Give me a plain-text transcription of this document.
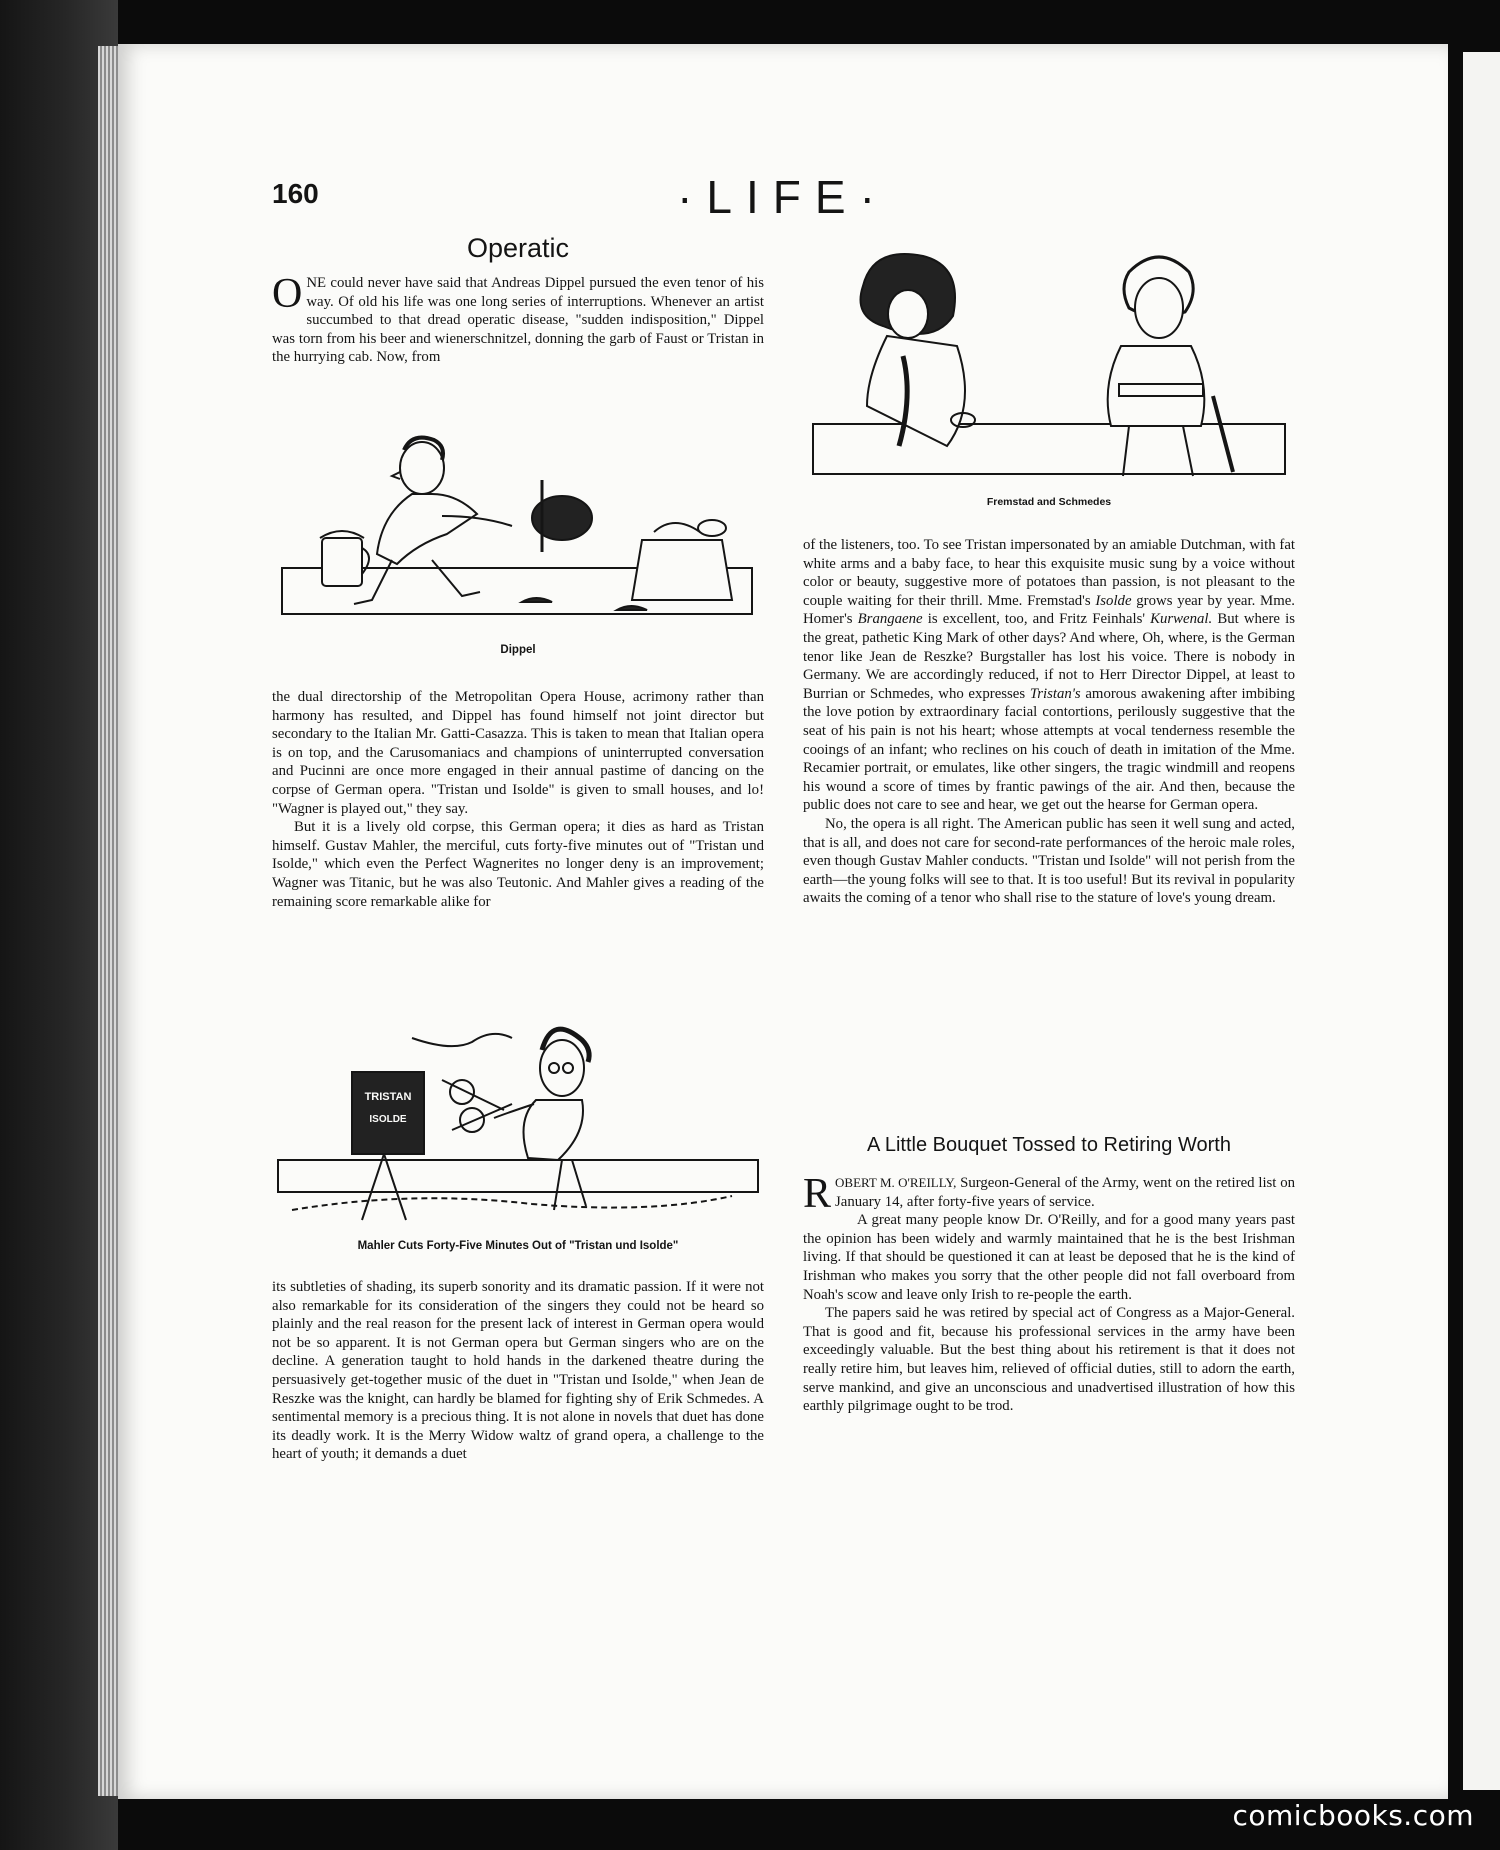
160	·LIFE·
Operatic

ONE could never have said that Andreas Dippel pursued the even tenor of his way. Of old his life was one long series of interruptions. Whenever an artist succumbed to that dread operatic disease, "sudden indisposition," Dippel was torn from his beer and wienerschnitzel, donning the garb of Faust or Tristan in the hurrying cab. Now, from

Dippel

the dual directorship of the Metropolitan Opera House, acrimony rather than harmony has resulted, and Dippel has found himself not joint director but secondary to the Italian Mr. Gatti-Casazza. This is taken to mean that Italian opera is on top, and the Carusomaniacs and champions of uninterrupted conversation and Pucinni are once more engaged in their annual pastime of dancing on the corpse of German opera. "Tristan und Isolde" is given to small houses, and lo! "Wagner is played out," they say.

But it is a lively old corpse, this German opera; it dies as hard as Tristan himself. Gustav Mahler, the merciful, cuts forty-five minutes out of "Tristan und Isolde," which even the Perfect Wagnerites no longer deny is an improvement; Wagner was Titanic, but he was also Teutonic. And Mahler gives a reading of the remaining score remarkable alike for

TRISTAN
ISOLDE
Mahler Cuts Forty-Five Minutes Out of "Tristan und Isolde"

its subtleties of shading, its superb sonority and its dramatic passion. If it were not also remarkable for its consideration of the singers they could not be heard so plainly and the real reason for the present lack of interest in German opera would not be so apparent. It is not German opera but German singers who are on the decline. A generation taught to hold hands in the darkened theatre during the persuasively get-together music of the duet in "Tristan und Isolde," when Jean de Reszke was the knight, can hardly be blamed for fighting shy of Erik Schmedes. A sentimental memory is a precious thing. It is not alone in novels that duet has done its deadly work. It is the Merry Widow waltz of grand opera, a challenge to the heart of youth; it demands a duet

Fremstad and Schmedes

of the listeners, too. To see Tristan impersonated by an amiable Dutchman, with fat white arms and a baby face, to hear this exquisite music sung by a voice without color or beauty, suggestive more of potatoes than passion, is not pleasant to the couple waiting for their thrill. Mme. Fremstad's Isolde grows year by year. Mme. Homer's Brangaene is excellent, too, and Fritz Feinhals' Kurwenal. But where is the great, pathetic King Mark of other days? And where, Oh, where, is the German tenor like Jean de Reszke? Burgstaller has lost his voice. There is nobody in Germany. We are accordingly reduced, if not to Herr Director Dippel, at least to Burrian or Schmedes, who expresses Tristan's amorous awakening after imbibing the love potion by extraordinary facial contortions, perilously suggestive that the seat of his pain is not his heart; whose attempts at vocal tenderness resemble the cooings of an infant; who reclines on his couch of death in imitation of the Mme. Recamier portrait, or emulates, like other singers, the tragic windmill and reopens his wound a score of times by frantic pawings of the air. And then, because the public does not care to see and hear, we get out the hearse for German opera.

No, the opera is all right. The American public has seen it well sung and acted, that is all, and does not care for second-rate performances of the heroic male roles, even though Gustav Mahler conducts. "Tristan und Isolde" will not perish from the earth—the young folks will see to that. It is too useful! But its revival in popularity awaits the coming of a tenor who shall rise to the stature of love's young dream.

A Little Bouquet Tossed to Retiring Worth

ROBERT M. O'REILLY, Surgeon-General of the Army, went on the retired list on January 14, after forty-five years of service.

A great many people know Dr. O'Reilly, and for a good many years past the opinion has been widely and warmly maintained that he is the best Irishman living. If that should be questioned it can at least be deposed that he is the kind of Irishman who makes you sorry that the other people did not fall overboard from Noah's scow and leave only Irish to re-people the earth.

The papers said he was retired by special act of Congress as a Major-General. That is good and fit, because his professional services in the army have been exceedingly valuable. But the best thing about his retirement is that it does not really retire him, but leaves him, relieved of official duties, still to adorn the earth, serve mankind, and give an unconscious and unadvertised illustration of how this earthly pilgrimage ought to be trod.

comicbooks.com
